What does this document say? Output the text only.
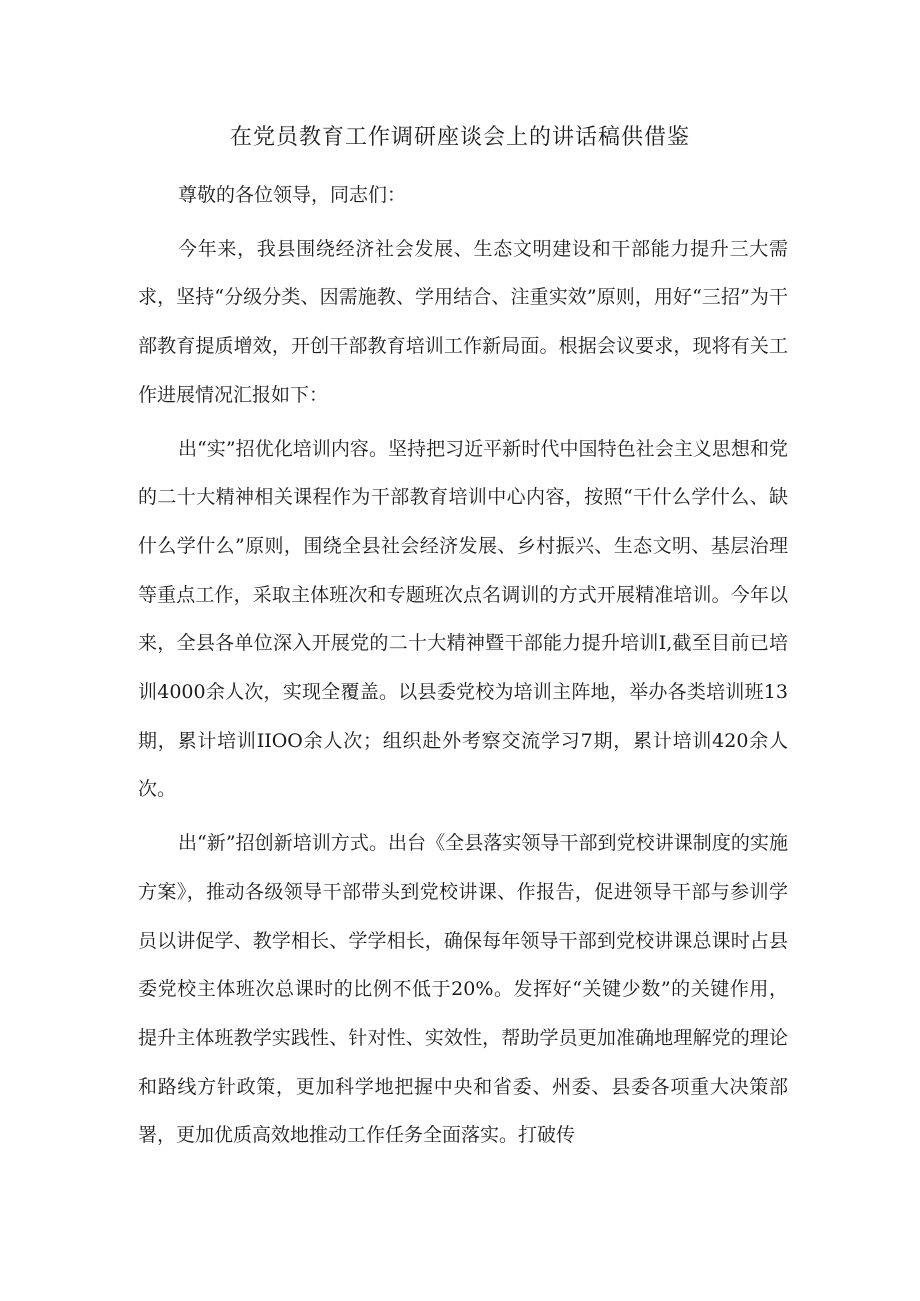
在党员教育工作调研座谈会上的讲话稿供借鉴

尊敬的各位领导，同志们：

今年来，我县围绕经济社会发展、生态文明建设和干部能力提升三大需求，坚持“分级分类、因需施教、学用结合、注重实效”原则，用好“三招”为干部教育提质增效，开创干部教育培训工作新局面。根据会议要求，现将有关工作进展情况汇报如下：

出“实”招优化培训内容。坚持把习近平新时代中国特色社会主义思想和党的二十大精神相关课程作为干部教育培训中心内容，按照“干什么学什么、缺什么学什么”原则，围绕全县社会经济发展、乡村振兴、生态文明、基层治理等重点工作，采取主体班次和专题班次点名调训的方式开展精准培训。今年以来，全县各单位深入开展党的二十大精神暨干部能力提升培训I,截至目前已培训4000余人次，实现全覆盖。以县委党校为培训主阵地，举办各类培训班13期，累计培训IIOO余人次；组织赴外考察交流学习7期，累计培训420余人次。

出“新”招创新培训方式。出台《全县落实领导干部到党校讲课制度的实施方案》，推动各级领导干部带头到党校讲课、作报告，促进领导干部与参训学员以讲促学、教学相长、学学相长，确保每年领导干部到党校讲课总课时占县委党校主体班次总课时的比例不低于20%。发挥好“关键少数”的关键作用，提升主体班教学实践性、针对性、实效性，帮助学员更加准确地理解党的理论和路线方针政策，更加科学地把握中央和省委、州委、县委各项重大决策部署，更加优质高效地推动工作任务全面落实。打破传
